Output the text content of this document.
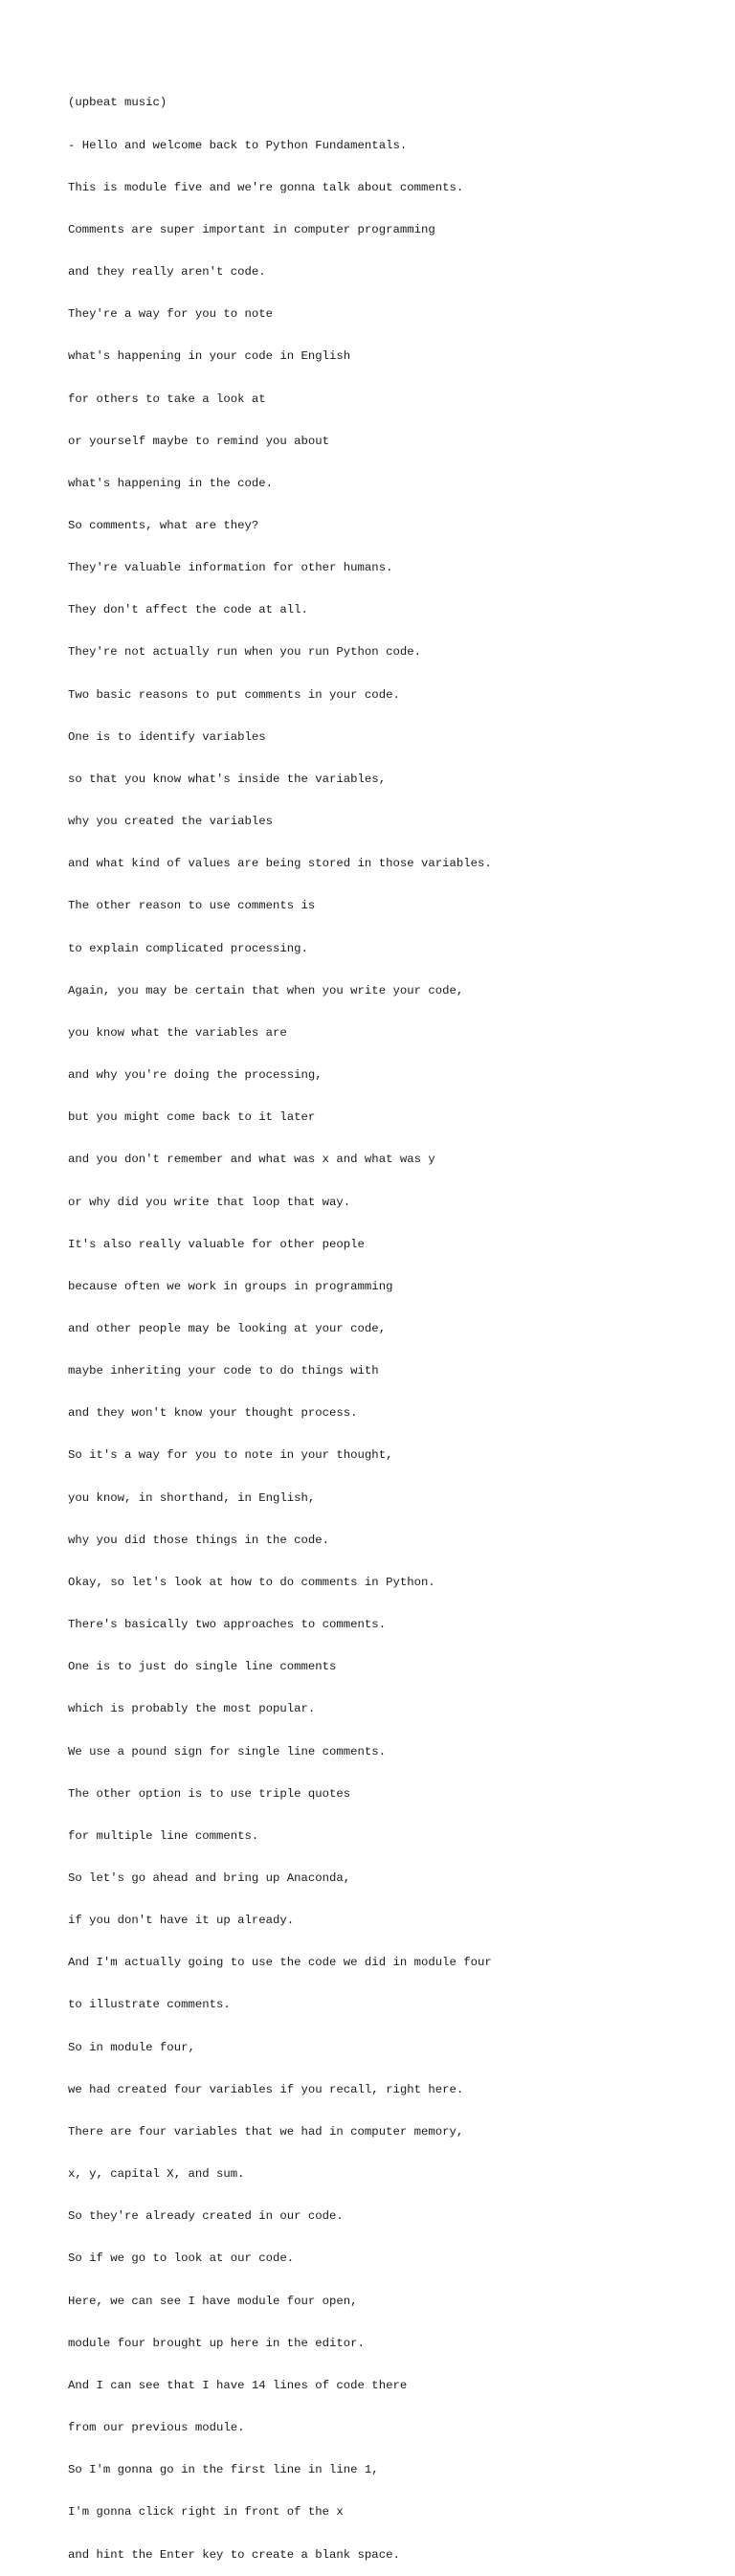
(upbeat music)

- Hello and welcome back to Python Fundamentals.

This is module five and we're gonna talk about comments.

Comments are super important in computer programming

and they really aren't code.

They're a way for you to note

what's happening in your code in English

for others to take a look at

or yourself maybe to remind you about

what's happening in the code.

So comments, what are they?

They're valuable information for other humans.

They don't affect the code at all.

They're not actually run when you run Python code.

Two basic reasons to put comments in your code.

One is to identify variables

so that you know what's inside the variables,

why you created the variables

and what kind of values are being stored in those variables.

The other reason to use comments is

to explain complicated processing.

Again, you may be certain that when you write your code,

you know what the variables are

and why you're doing the processing,

but you might come back to it later

and you don't remember and what was x and what was y

or why did you write that loop that way.

It's also really valuable for other people

because often we work in groups in programming

and other people may be looking at your code,

maybe inheriting your code to do things with

and they won't know your thought process.

So it's a way for you to note in your thought,

you know, in shorthand, in English,

why you did those things in the code.

Okay, so let's look at how to do comments in Python.

There's basically two approaches to comments.

One is to just do single line comments

which is probably the most popular.

We use a pound sign for single line comments.

The other option is to use triple quotes

for multiple line comments.

So let's go ahead and bring up Anaconda,

if you don't have it up already.

And I'm actually going to use the code we did in module four

to illustrate comments.

So in module four,

we had created four variables if you recall, right here.

There are four variables that we had in computer memory,

x, y, capital X, and sum.

So they're already created in our code.

So if we go to look at our code.

Here, we can see I have module four open,

module four brought up here in the editor.

And I can see that I have 14 lines of code there

from our previous module.

So I'm gonna go in the first line in line 1,

I'm gonna click right in front of the x

and hint the Enter key to create a blank space.
